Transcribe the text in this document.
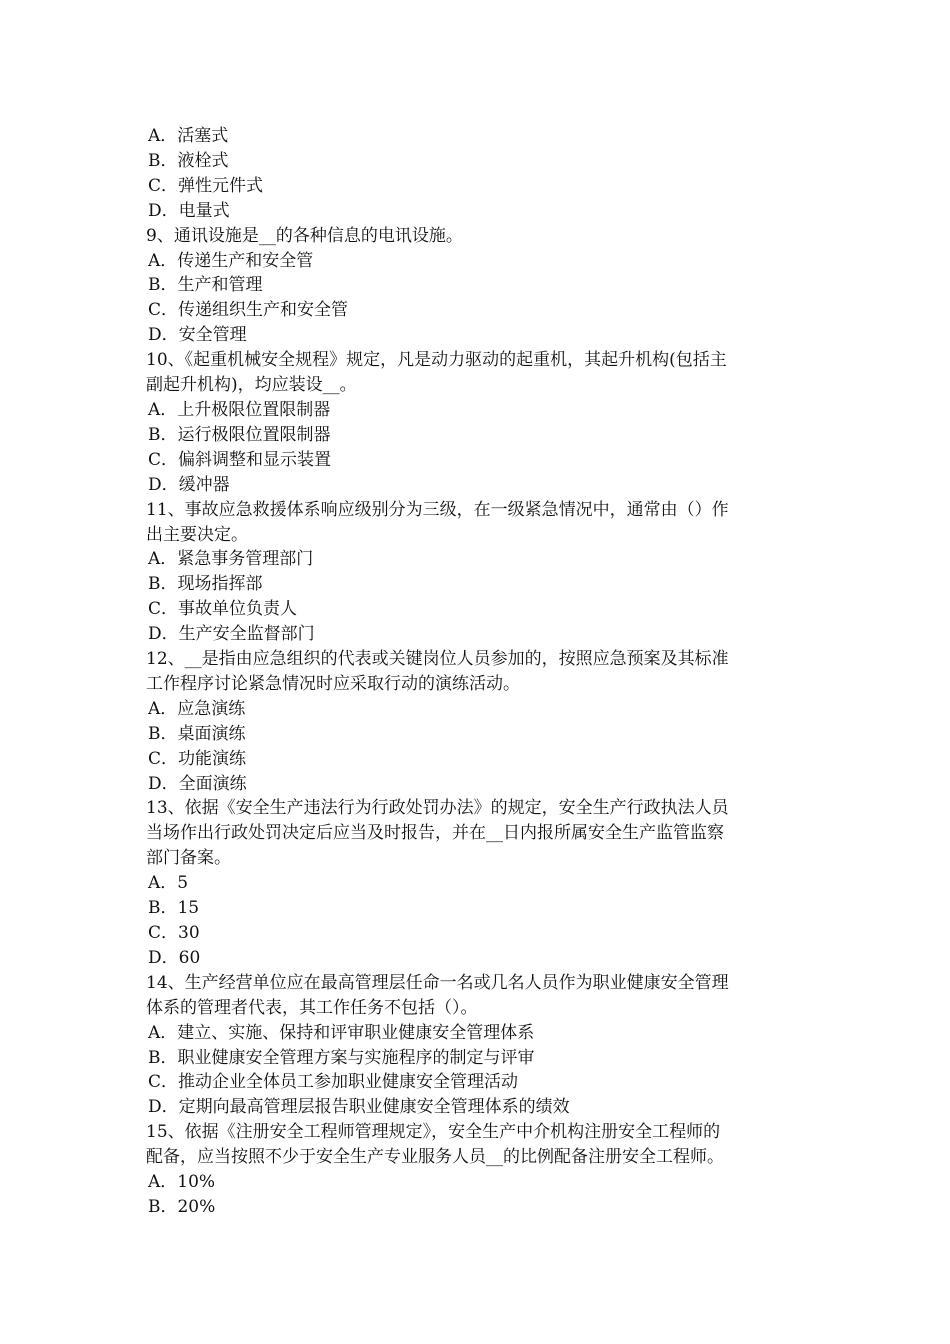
A．活塞式
B．液栓式
C．弹性元件式
D．电量式
9、通讯设施是__的各种信息的电讯设施。
A．传递生产和安全管
B．生产和管理
C．传递组织生产和安全管
D．安全管理
10、《起重机械安全规程》规定，凡是动力驱动的起重机，其起升机构(包括主
副起升机构)，均应装设__。
A．上升极限位置限制器
B．运行极限位置限制器
C．偏斜调整和显示装置
D．缓冲器
11、事故应急救援体系响应级别分为三级，在一级紧急情况中，通常由（）作
出主要决定。
A．紧急事务管理部门
B．现场指挥部
C．事故单位负责人
D．生产安全监督部门
12、__是指由应急组织的代表或关键岗位人员参加的，按照应急预案及其标准
工作程序讨论紧急情况时应采取行动的演练活动。
A．应急演练
B．桌面演练
C．功能演练
D．全面演练
13、依据《安全生产违法行为行政处罚办法》的规定，安全生产行政执法人员
当场作出行政处罚决定后应当及时报告，并在__日内报所属安全生产监管监察
部门备案。
A．5
B．15
C．30
D．60
14、生产经营单位应在最高管理层任命一名或几名人员作为职业健康安全管理
体系的管理者代表，其工作任务不包括（）。
A．建立、实施、保持和评审职业健康安全管理体系
B．职业健康安全管理方案与实施程序的制定与评审
C．推动企业全体员工参加职业健康安全管理活动
D．定期向最高管理层报告职业健康安全管理体系的绩效
15、依据《注册安全工程师管理规定》，安全生产中介机构注册安全工程师的
配备，应当按照不少于安全生产专业服务人员__的比例配备注册安全工程师。
A．10%
B．20%
